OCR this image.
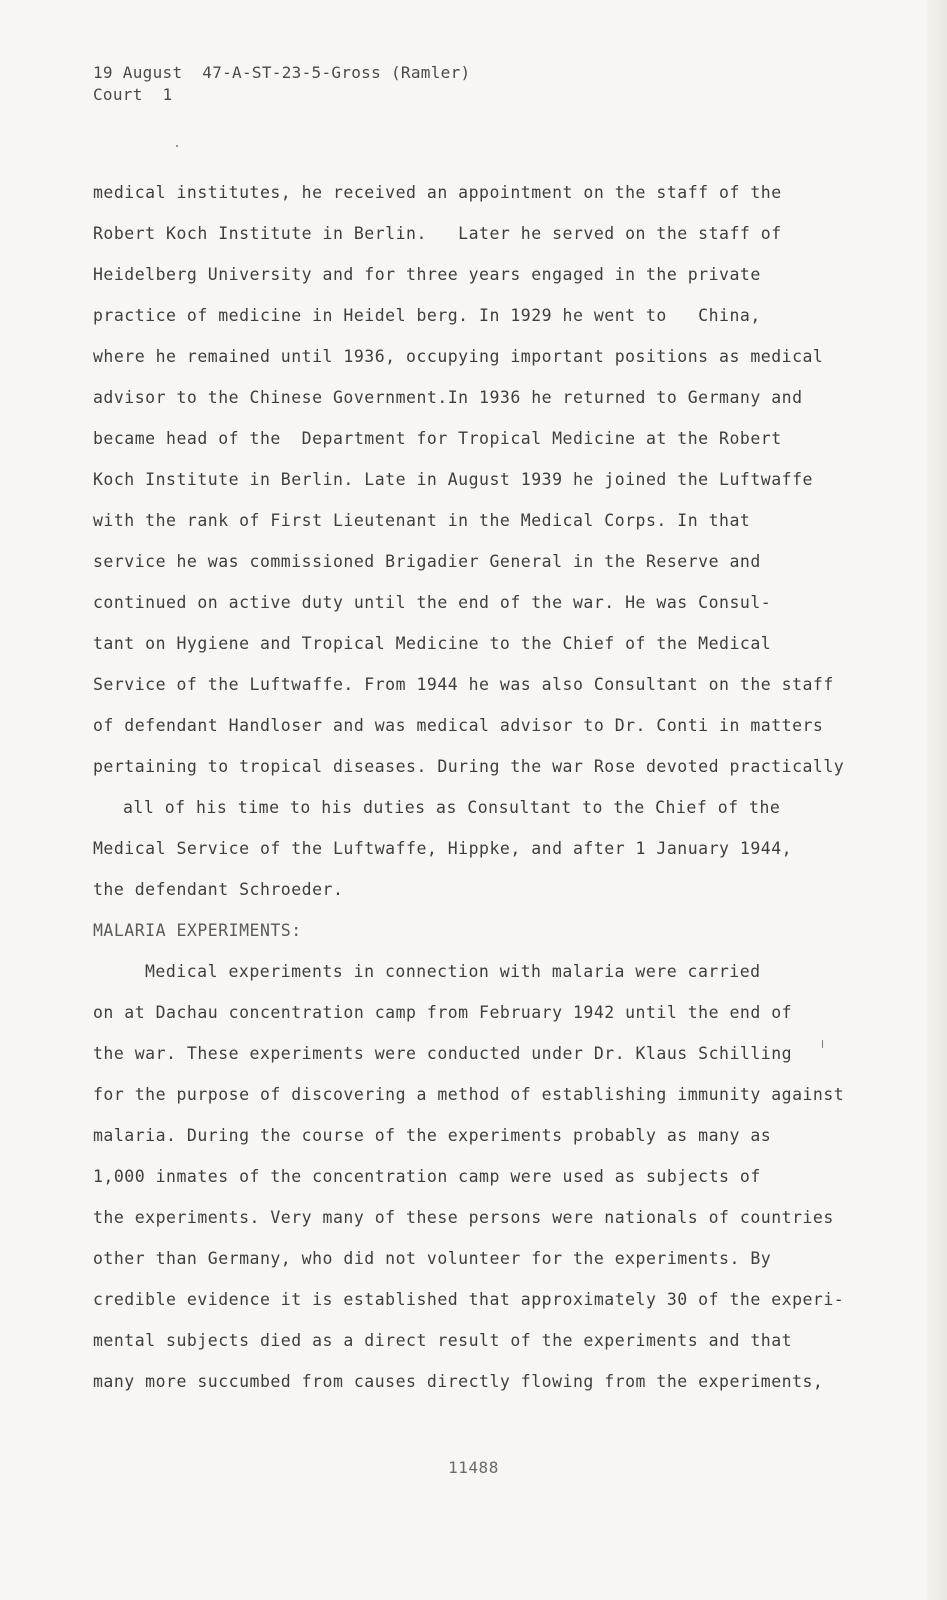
19 August  47-A-ST-23-5-Gross (Ramler)
Court  1
medical institutes, he received an appointment on the staff of the
Robert Koch Institute in Berlin.   Later he served on the staff of
Heidelberg University and for three years engaged in the private
practice of medicine in Heidel berg. In 1929 he went to   China,
where he remained until 1936, occupying important positions as medical
advisor to the Chinese Government.In 1936 he returned to Germany and
became head of the  Department for Tropical Medicine at the Robert
Koch Institute in Berlin. Late in August 1939 he joined the Luftwaffe
with the rank of First Lieutenant in the Medical Corps. In that
service he was commissioned Brigadier General in the Reserve and
continued on active duty until the end of the war. He was Consul-
tant on Hygiene and Tropical Medicine to the Chief of the Medical
Service of the Luftwaffe. From 1944 he was also Consultant on the staff
of defendant Handloser and was medical advisor to Dr. Conti in matters
pertaining to tropical diseases. During the war Rose devoted practically
all of his time to his duties as Consultant to the Chief of the
Medical Service of the Luftwaffe, Hippke, and after 1 January 1944,
the defendant Schroeder.
MALARIA EXPERIMENTS:
Medical experiments in connection with malaria were carried
on at Dachau concentration camp from February 1942 until the end of
the war. These experiments were conducted under Dr. Klaus Schilling
for the purpose of discovering a method of establishing immunity against
malaria. During the course of the experiments probably as many as
1,000 inmates of the concentration camp were used as subjects of
the experiments. Very many of these persons were nationals of countries
other than Germany, who did not volunteer for the experiments. By
credible evidence it is established that approximately 30 of the experi-
mental subjects died as a direct result of the experiments and that
many more succumbed from causes directly flowing from the experiments,
11488
